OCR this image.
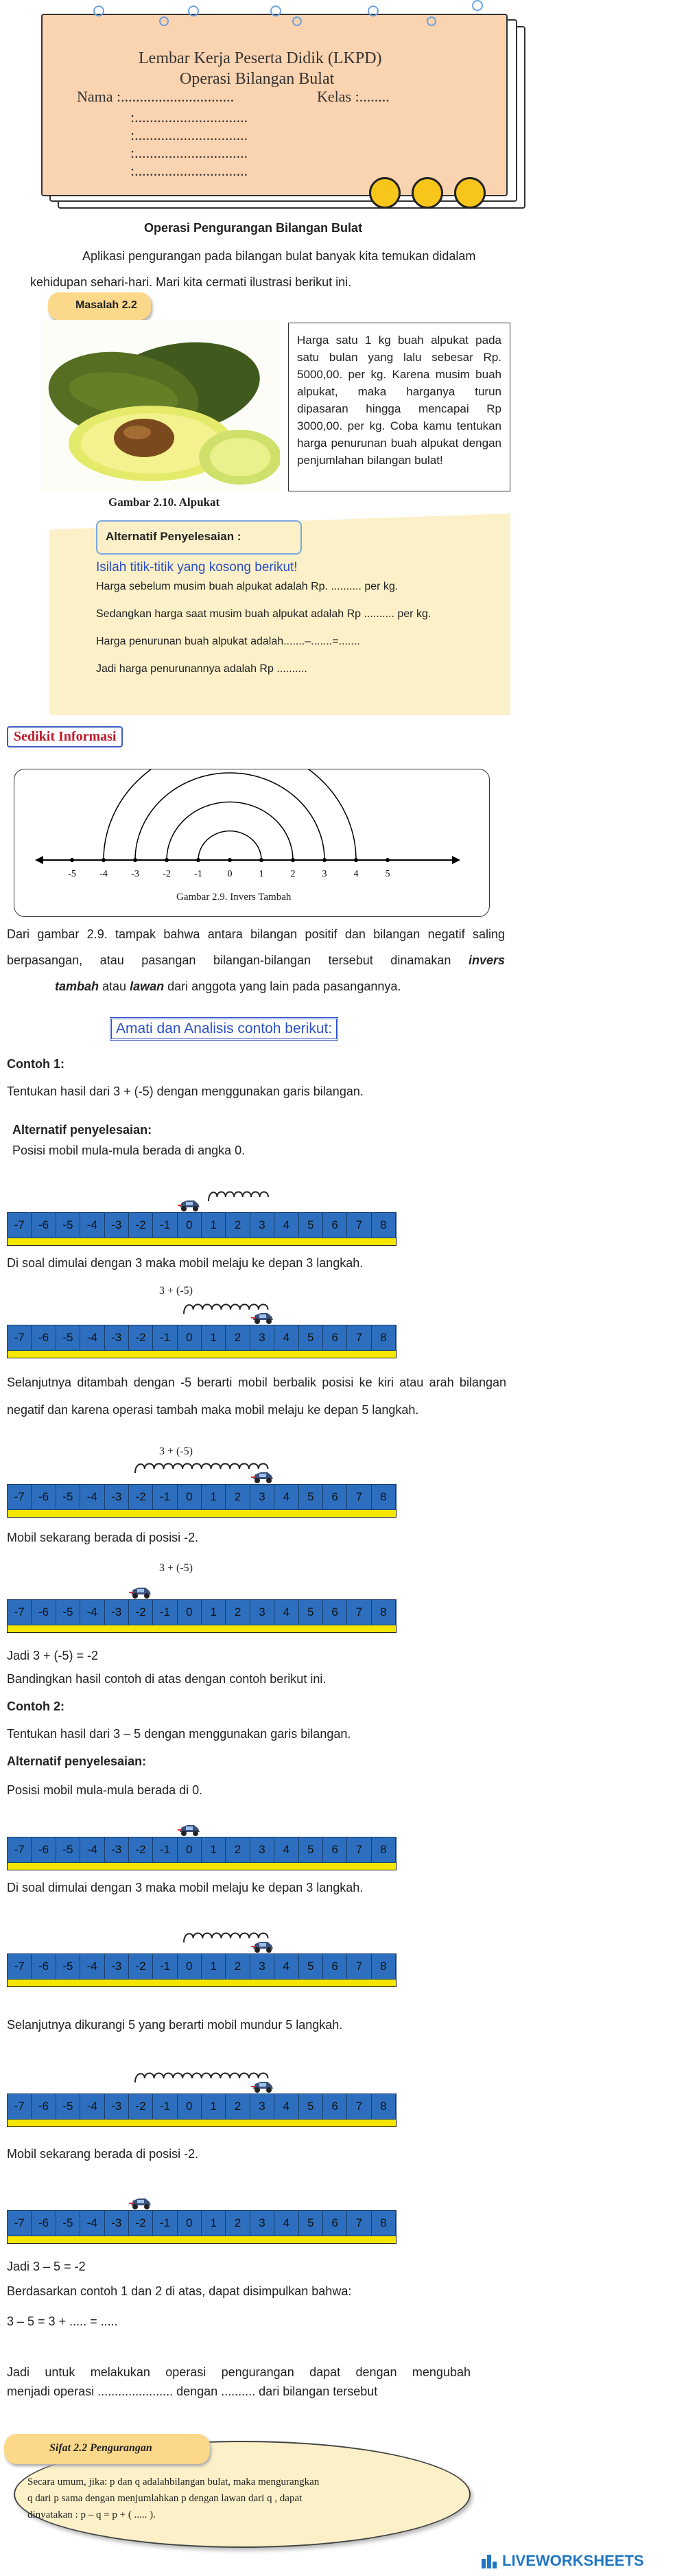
Lembar Kerja Peserta Didik (LKPD)
Operasi Bilangan Bulat
Nama :..............................	Kelas :........
:..............................
:..............................
:..............................
:..............................
Operasi Pengurangan Bilangan Bulat
Aplikasi pengurangan pada bilangan bulat banyak kita temukan didalam kehidupan sehari-hari. Mari kita cermati ilustrasi berikut ini.
Masalah 2.2
Gambar 2.10. Alpukat
Harga satu 1 kg buah alpukat pada satu bulan yang lalu sebesar Rp. 5000,00. per kg. Karena musim buah alpukat, maka harganya turun dipasaran hingga mencapai Rp 3000,00. per kg. Coba kamu tentukan harga penurunan buah alpukat dengan penjumlahan bilangan bulat!
Alternatif Penyelesaian :
Isilah titik-titik yang kosong berikut!
Harga sebelum musim buah alpukat adalah Rp. .......... per kg.
Sedangkan harga saat musim buah alpukat adalah Rp .......... per kg.
Harga penurunan buah alpukat adalah.......–.......=.......
Jadi harga penurunannya adalah Rp ..........
Sedikit Informasi
-5 -4 -3 -2 -1	0	1	2	3	4	5
Gambar 2.9. Invers Tambah
Dari gambar 2.9. tampak bahwa antara bilangan positif dan bilangan negatif saling berpasangan, atau pasangan bilangan-bilangan tersebut dinamakan invers tambah atau lawan dari anggota yang lain pada pasangannya.
Amati dan Analisis contoh berikut:
Contoh 1:
Tentukan hasil dari 3 + (-5) dengan menggunakan garis bilangan.
Alternatif penyelesaian:
Posisi mobil mula-mula berada di angka 0.
-7	-6	-5	-4	-3	-2	-1	0	1	2	3	4	5	6	7	8
Di soal dimulai dengan 3 maka mobil melaju ke depan 3 langkah.
3 + (-5)
-7	-6	-5	-4	-3	-2	-1	0	1	2	3	4	5	6	7	8
Selanjutnya ditambah dengan -5 berarti mobil berbalik posisi ke kiri atau arah bilangan negatif dan karena operasi tambah maka mobil melaju ke depan 5 langkah.
3 + (-5)
-7	-6	-5	-4	-3	-2	-1	0	1	2	3	4	5	6	7	8
Mobil sekarang berada di posisi -2.
3 + (-5)
-7	-6	-5	-4	-3	-2	-1	0	1	2	3	4	5	6	7	8
Jadi 3 + (-5) = -2
Bandingkan hasil contoh di atas dengan contoh berikut ini.
Contoh 2:
Tentukan hasil dari 3 – 5 dengan menggunakan garis bilangan.
Alternatif penyelesaian:
Posisi mobil mula-mula berada di 0.
-7	-6	-5	-4	-3	-2	-1	0	1	2	3	4	5	6	7	8
Di soal dimulai dengan 3 maka mobil melaju ke depan 3 langkah.
-7	-6	-5	-4	-3	-2	-1	0	1	2	3	4	5	6	7	8
Selanjutnya dikurangi 5 yang berarti mobil mundur 5 langkah.
-7	-6	-5	-4	-3	-2	-1	0	1	2	3	4	5	6	7	8
Mobil sekarang berada di posisi -2.
-7	-6	-5	-4	-3	-2	-1	0	1	2	3	4	5	6	7	8
Jadi 3 – 5 = -2
Berdasarkan contoh 1 dan 2 di atas, dapat disimpulkan bahwa:
3 – 5 = 3 + ..... = .....
Jadi untuk melakukan operasi pengurangan dapat dengan mengubah
menjadi operasi ...................... dengan .......... dari bilangan tersebut
Sifat 2.2 Pengurangan
Secara umum, jika: p dan q adalahbilangan bulat, maka mengurangkan
q dari p sama dengan menjumlahkan p dengan lawan dari q , dapat
dinyatakan : p – q = p + ( ..... ).
LIVEWORKSHEETS
